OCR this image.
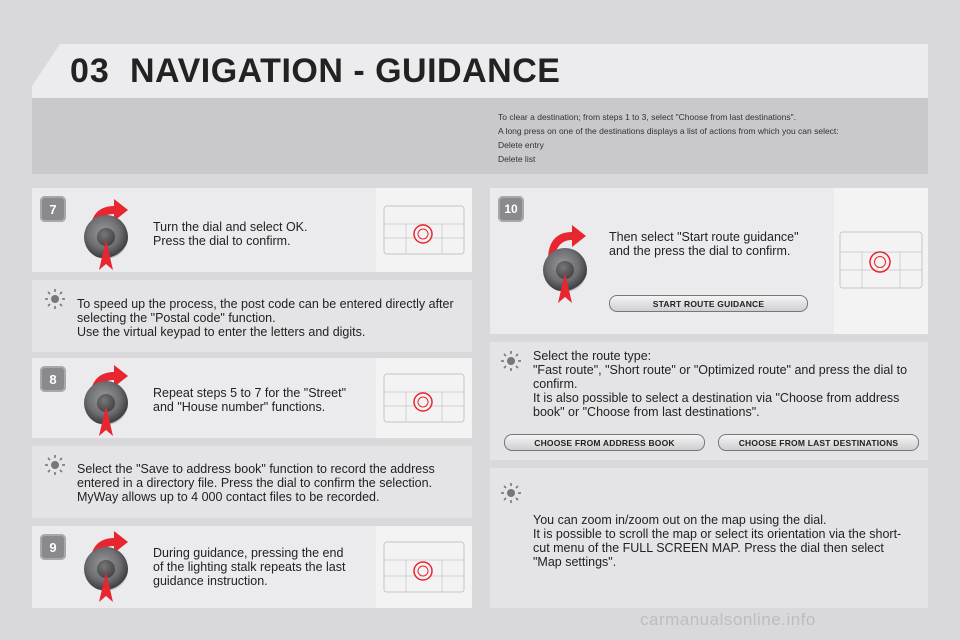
03 NAVIGATION - GUIDANCE
To clear a destination; from steps 1 to 3, select "Choose from last destinations".
A long press on one of the destinations displays a list of actions from which you can select:
Delete entry
Delete list
7
Turn the dial and select OK.
Press the dial to confirm.
To speed up the process, the post code can be entered directly after
selecting the "Postal code" function.
Use the virtual keypad to enter the letters and digits.
8
Repeat steps 5 to 7 for the "Street"
and "House number" functions.
Select the "Save to address book" function to record the address
entered in a directory file. Press the dial to confirm the selection.
MyWay allows up to 4 000 contact files to be recorded.
9	During guidance, pressing the end
of the lighting stalk repeats the last
guidance instruction.
10
Then select "Start route guidance"
and the press the dial to confirm.
START ROUTE GUIDANCE
Select the route type:
"Fast route", "Short route" or "Optimized route" and press the dial to
confirm.
It is also possible to select a destination via "Choose from address
book" or "Choose from last destinations".
CHOOSE FROM ADDRESS BOOK	CHOOSE FROM LAST DESTINATIONS
You can zoom in/zoom out on the map using the dial.
It is possible to scroll the map or select its orientation via the short-
cut menu of the FULL SCREEN MAP. Press the dial then select
"Map settings".
carmanualsonline.info
